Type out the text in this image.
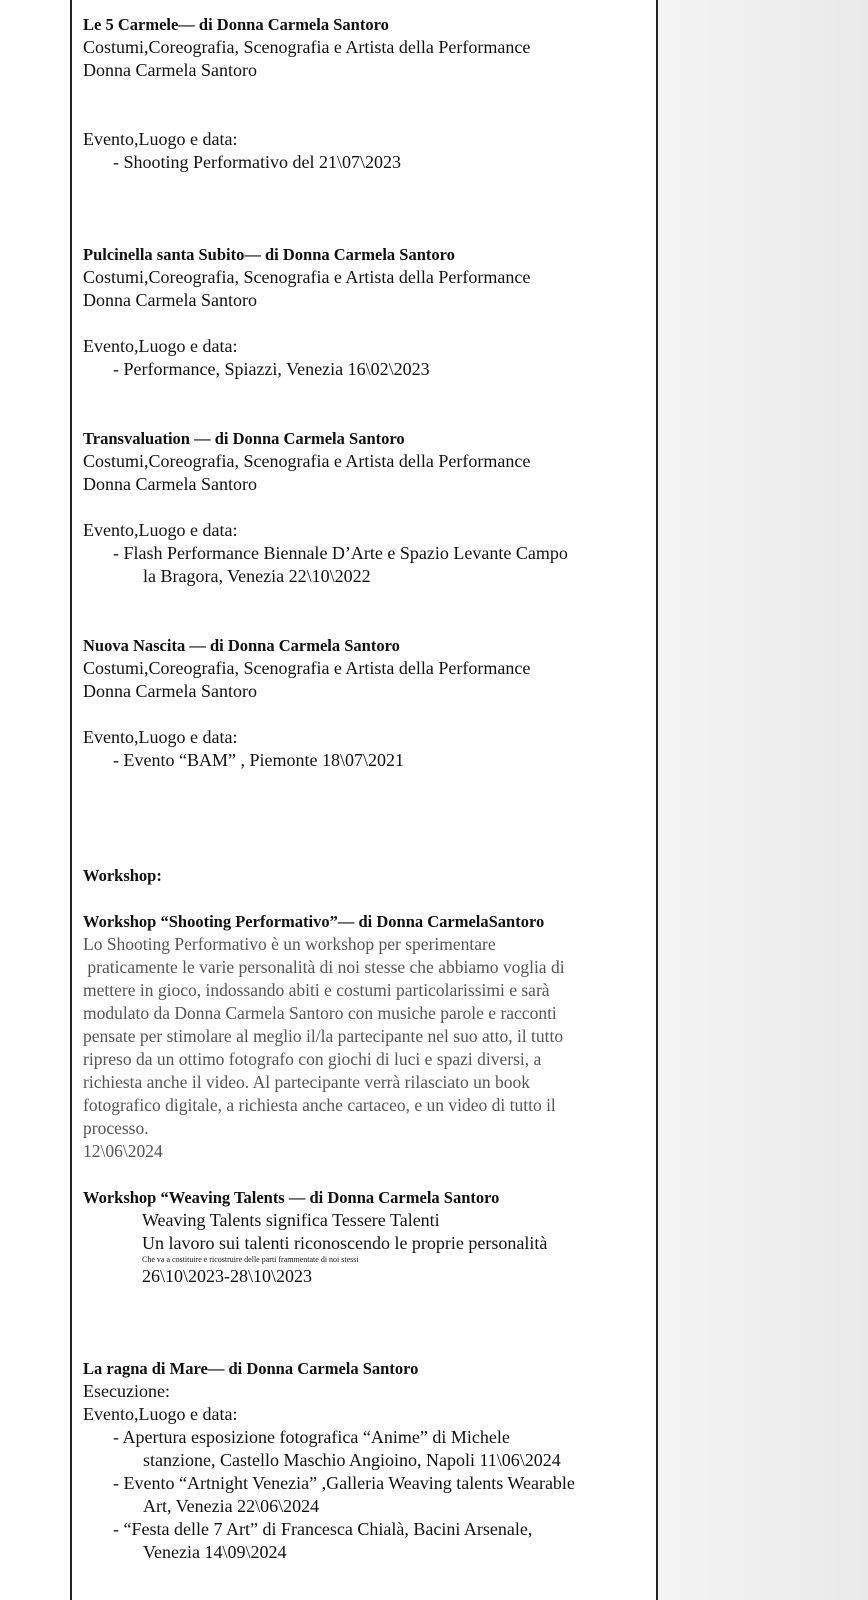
Le 5 Carmele— di Donna Carmela Santoro
Costumi,Coreografia, Scenografia e Artista della Performance
Donna Carmela Santoro
Evento,Luogo e data:
- Shooting Performativo del 21\07\2023
Pulcinella santa Subito— di Donna Carmela Santoro
Costumi,Coreografia, Scenografia e Artista della Performance
Donna Carmela Santoro
Evento,Luogo e data:
- Performance, Spiazzi, Venezia 16\02\2023
Transvaluation — di Donna Carmela Santoro
Costumi,Coreografia, Scenografia e Artista della Performance
Donna Carmela Santoro
Evento,Luogo e data:
- Flash Performance Biennale D’Arte e Spazio Levante Campo
la Bragora, Venezia 22\10\2022
Nuova Nascita — di Donna Carmela Santoro
Costumi,Coreografia, Scenografia e Artista della Performance
Donna Carmela Santoro
Evento,Luogo e data:
- Evento “BAM” , Piemonte 18\07\2021
Workshop:
Workshop “Shooting Performativo”— di Donna CarmelaSantoro
Lo Shooting Performativo è un workshop per sperimentare
praticamente le varie personalità di noi stesse che abbiamo voglia di
mettere in gioco, indossando abiti e costumi particolarissimi e sarà
modulato da Donna Carmela Santoro con musiche parole e racconti
pensate per stimolare al meglio il/la partecipante nel suo atto, il tutto
ripreso da un ottimo fotografo con giochi di luci e spazi diversi, a
richiesta anche il video. Al partecipante verrà rilasciato un book
fotografico digitale, a richiesta anche cartaceo, e un video di tutto il
processo.
12\06\2024
Workshop “Weaving Talents — di Donna Carmela Santoro
Weaving Talents significa Tessere Talenti
Un lavoro sui talenti riconoscendo le proprie personalità
Che va a costituire e ricostruire delle parti frammentate di noi stessi
26\10\2023-28\10\2023
La ragna di Mare— di Donna Carmela Santoro
Esecuzione:
Evento,Luogo e data:
- Apertura esposizione fotografica “Anime” di Michele
stanzione, Castello Maschio Angioino, Napoli 11\06\2024
- Evento “Artnight Venezia” ,Galleria Weaving talents Wearable
Art, Venezia 22\06\2024
- “Festa delle 7 Art” di Francesca Chialà, Bacini Arsenale,
Venezia 14\09\2024
